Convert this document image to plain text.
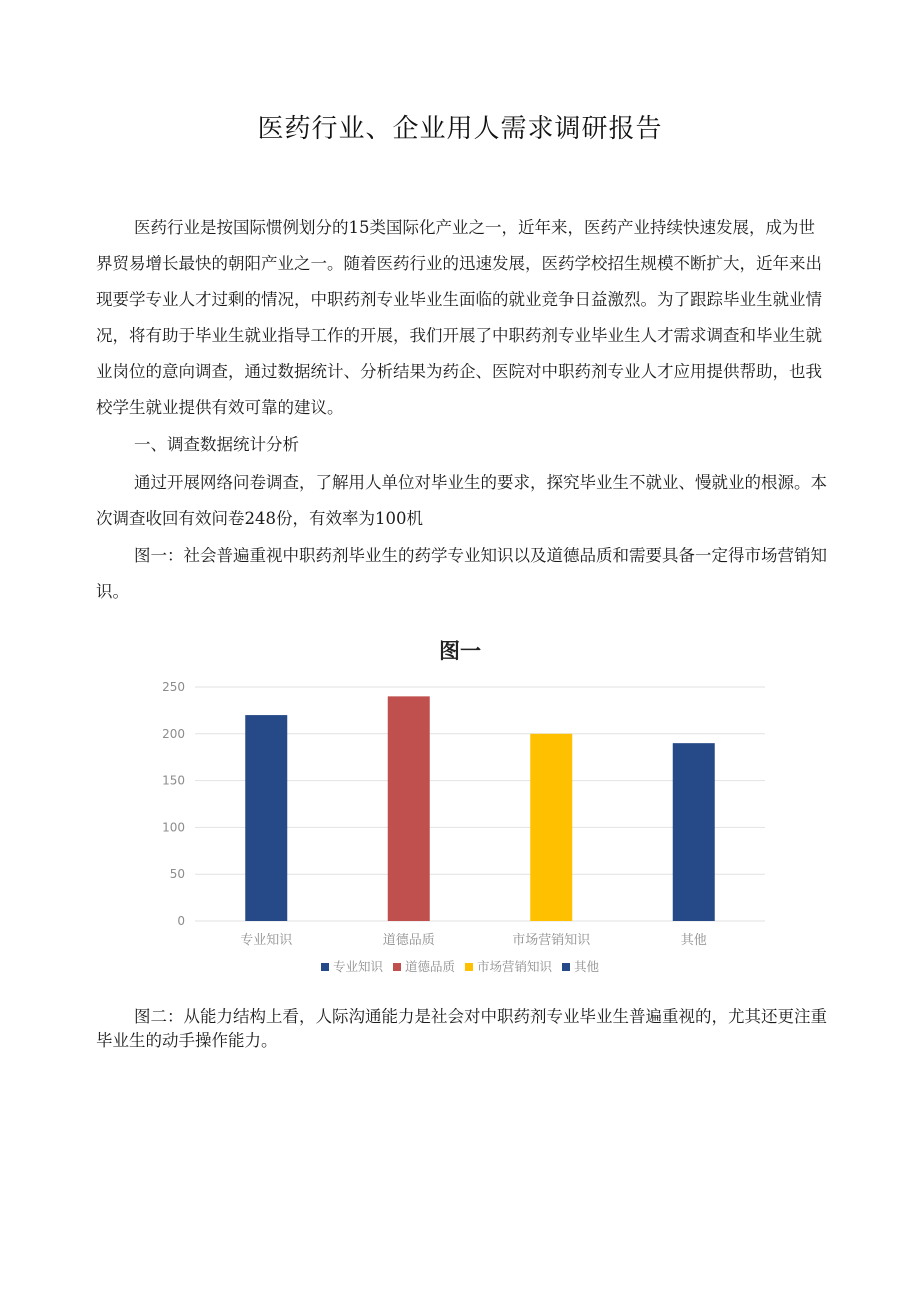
医药行业、企业用人需求调研报告

医药行业是按国际惯例划分的15类国际化产业之一，近年来，医药产业持续快速发展，成为世界贸易增长最快的朝阳产业之一。随着医药行业的迅速发展，医药学校招生规模不断扩大，近年来出现要学专业人才过剩的情况，中职药剂专业毕业生面临的就业竞争日益激烈。为了跟踪毕业生就业情况，将有助于毕业生就业指导工作的开展，我们开展了中职药剂专业毕业生人才需求调查和毕业生就业岗位的意向调查，通过数据统计、分析结果为药企、医院对中职药剂专业人才应用提供帮助，也我校学生就业提供有效可靠的建议。

一、调查数据统计分析

通过开展网络问卷调查，了解用人单位对毕业生的要求，探究毕业生不就业、慢就业的根源。本次调查收回有效问卷248份，有效率为100机

图一：社会普遍重视中职药剂毕业生的药学专业知识以及道德品质和需要具备一定得市场营销知识。

图一
0
50
100
150
200
250
专业知识	道德品质	市场营销知识	其他
专业知识 道德品质 市场营销知识 其他

图二：从能力结构上看，人际沟通能力是社会对中职药剂专业毕业生普遍重视的，尤其还更注重毕业生的动手操作能力。
